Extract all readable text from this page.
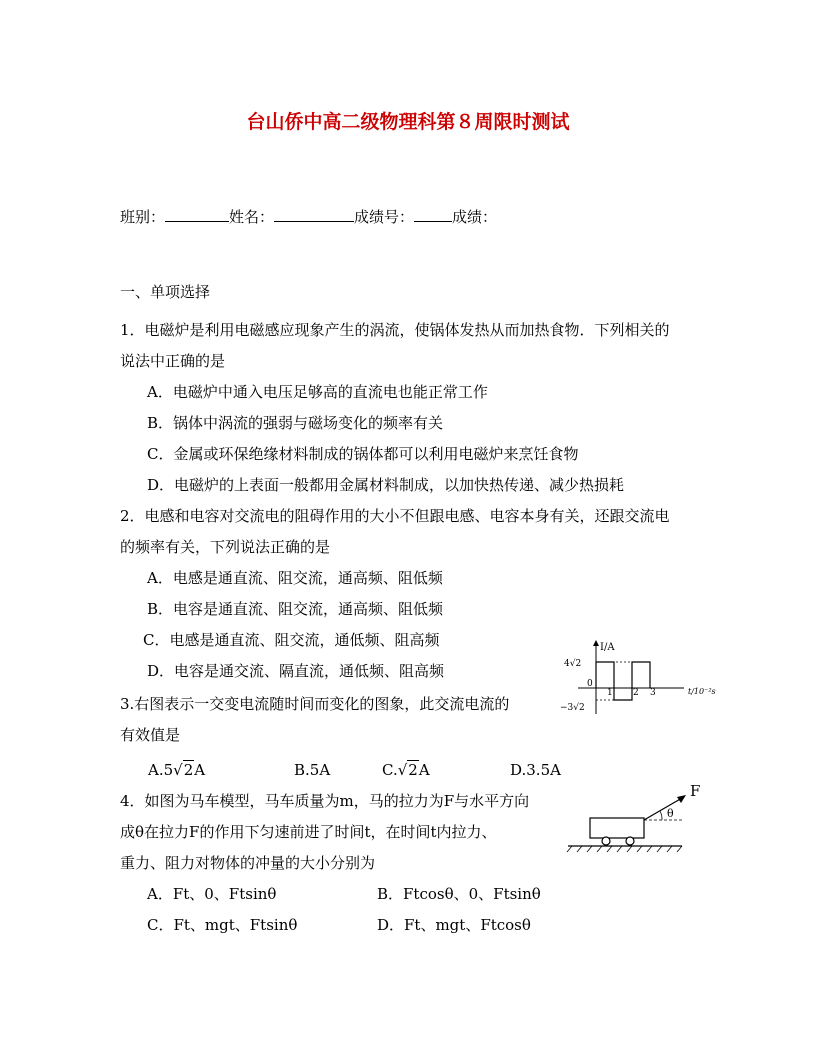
台山侨中高二级物理科第８周限时测试
班别：	姓名：	成绩号：	成绩：
一、单项选择
1．电磁炉是利用电磁感应现象产生的涡流，使锅体发热从而加热食物．下列相关的
说法中正确的是
A．电磁炉中通入电压足够高的直流电也能正常工作
B．锅体中涡流的强弱与磁场变化的频率有关
C．金属或环保绝缘材料制成的锅体都可以利用电磁炉来烹饪食物
D．电磁炉的上表面一般都用金属材料制成，以加快热传递、减少热损耗
2．电感和电容对交流电的阻碍作用的大小不但跟电感、电容本身有关，还跟交流电
的频率有关，下列说法正确的是
A．电感是通直流、阻交流，通高频、阻低频
B．电容是通直流、阻交流，通高频、阻低频
C．电感是通直流、阻交流，通低频、阻高频
D．电容是通交流、隔直流，通低频、阻高频
I/A
t/10⁻²s
4√2
−3√2
0
1 2 3
3.右图表示一交变电流随时间而变化的图象，此交流电流的
有效值是
A.5√2A	B.5A	C.√2A	D.3.5A
F
θ
4．如图为马车模型，马车质量为m，马的拉力为F与水平方向
成θ在拉力F的作用下匀速前进了时间t，在时间t内拉力、
重力、阻力对物体的冲量的大小分别为
A．Ft、0、Ftsinθ	B．Ftcosθ、0、Ftsinθ
C．Ft、mgt、Ftsinθ	D．Ft、mgt、Ftcosθ
